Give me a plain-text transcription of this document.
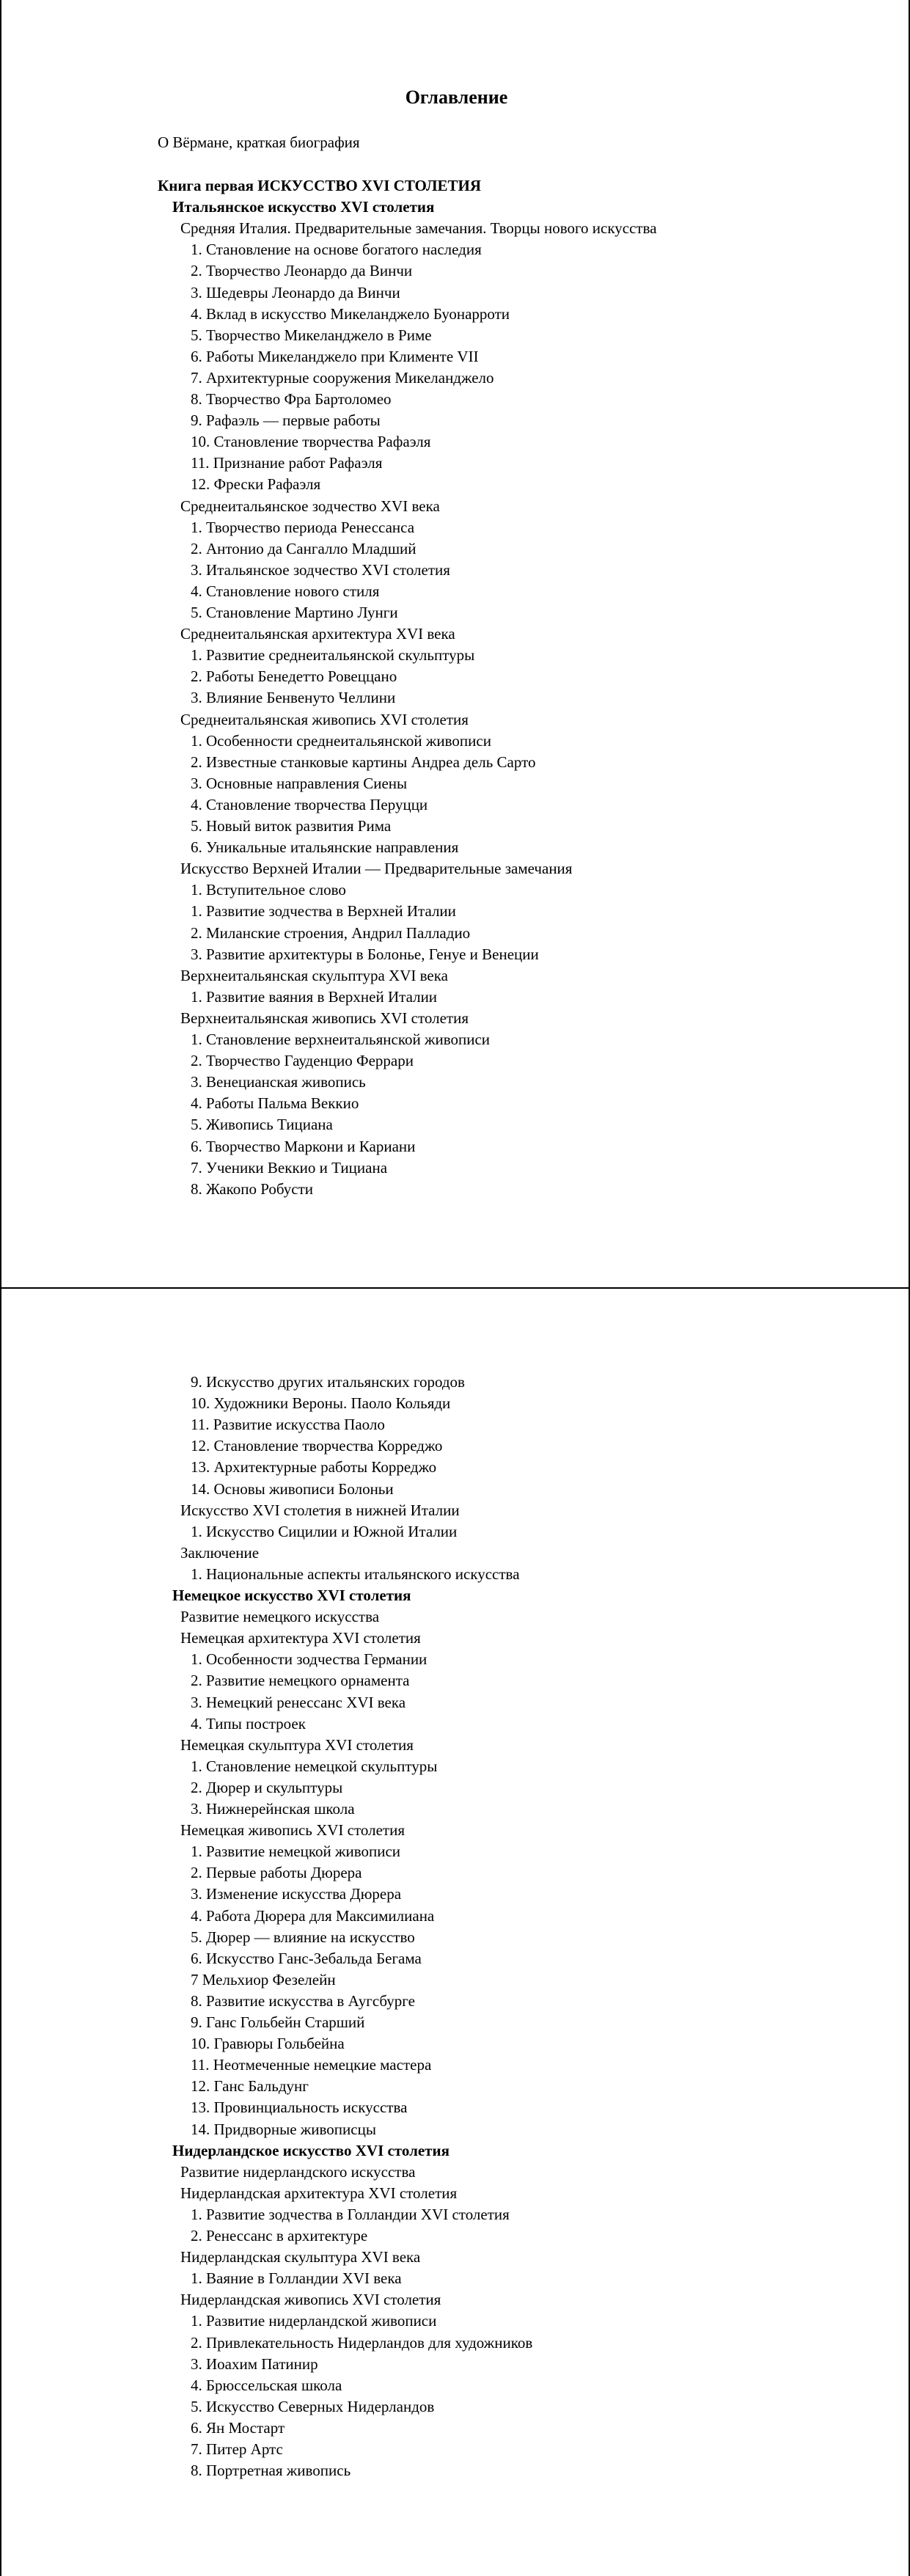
Оглавление
О Вёрмане, краткая биография
Книга первая ИСКУССТВО XVI СТОЛЕТИЯ
Итальянское искусство XVI столетия
Средняя Италия. Предварительные замечания. Творцы нового искусства
1. Становление на основе богатого наследия
2. Творчество Леонардо да Винчи
3. Шедевры Леонардо да Винчи
4. Вклад в искусство Микеланджело Буонарроти
5. Творчество Микеланджело в Риме
6. Работы Микеланджело при Клименте VII
7. Архитектурные сооружения Микеланджело
8. Творчество Фра Бартоломео
9. Рафаэль — первые работы
10. Становление творчества Рафаэля
11. Признание работ Рафаэля
12. Фрески Рафаэля
Среднеитальянское зодчество XVI века
1. Творчество периода Ренессанса
2. Антонио да Сангалло Младший
3. Итальянское зодчество XVI столетия
4. Становление нового стиля
5. Становление Мартино Лунги
Среднеитальянская архитектура XVI века
1. Развитие среднеитальянской скульптуры
2. Работы Бенедетто Ровеццано
3. Влияние Бенвенуто Челлини
Среднеитальянская живопись XVI столетия
1. Особенности среднеитальянской живописи
2. Известные станковые картины Андреа дель Сарто
3. Основные направления Сиены
4. Становление творчества Перуцци
5. Новый виток развития Рима
6. Уникальные итальянские направления
Искусство Верхней Италии — Предварительные замечания
1. Вступительное слово
1. Развитие зодчества в Верхней Италии
2. Миланские строения, Андрил Палладио
3. Развитие архитектуры в Болонье, Генуе и Венеции
Верхнеитальянская скульптура XVI века
1. Развитие ваяния в Верхней Италии
Верхнеитальянская живопись XVI столетия
1. Становление верхнеитальянской живописи
2. Творчество Гауденцио Феррари
3. Венецианская живопись
4. Работы Пальма Веккио
5. Живопись Тициана
6. Творчество Маркони и Кариани
7. Ученики Веккио и Тициана
8. Жакопо Робусти
9. Искусство других итальянских городов
10. Художники Вероны. Паоло Кольяди
11. Развитие искусства Паоло
12. Становление творчества Корреджо
13. Архитектурные работы Корреджо
14. Основы живописи Болоньи
Искусство XVI столетия в нижней Италии
1. Искусство Сицилии и Южной Италии
Заключение
1. Национальные аспекты итальянского искусства
Немецкое искусство XVI столетия
Развитие немецкого искусства
Немецкая архитектура XVI столетия
1. Особенности зодчества Германии
2. Развитие немецкого орнамента
3. Немецкий ренессанс XVI века
4. Типы построек
Немецкая скульптура XVI столетия
1. Становление немецкой скульптуры
2. Дюрер и скульптуры
3. Нижнерейнская школа
Немецкая живопись XVI столетия
1. Развитие немецкой живописи
2. Первые работы Дюрера
3. Изменение искусства Дюрера
4. Работа Дюрера для Максимилиана
5. Дюрер — влияние на искусство
6. Искусство Ганс-Зебальда Бегама
7 Мельхиор Фезелейн
8. Развитие искусства в Аугсбурге
9. Ганс Гольбейн Старший
10. Гравюры Гольбейна
11. Неотмеченные немецкие мастера
12. Ганс Бальдунг
13. Провинциальность искусства
14. Придворные живописцы
Нидерландское искусство XVI столетия
Развитие нидерландского искусства
Нидерландская архитектура XVI столетия
1. Развитие зодчества в Голландии XVI столетия
2. Ренессанс в архитектуре
Нидерландская скульптура XVI века
1. Ваяние в Голландии XVI века
Нидерландская живопись XVI столетия
1. Развитие нидерландской живописи
2. Привлекательность Нидерландов для художников
3. Иоахим Патинир
4. Брюссельская школа
5. Искусство Северных Нидерландов
6. Ян Мостарт
7. Питер Артс
8. Портретная живопись
